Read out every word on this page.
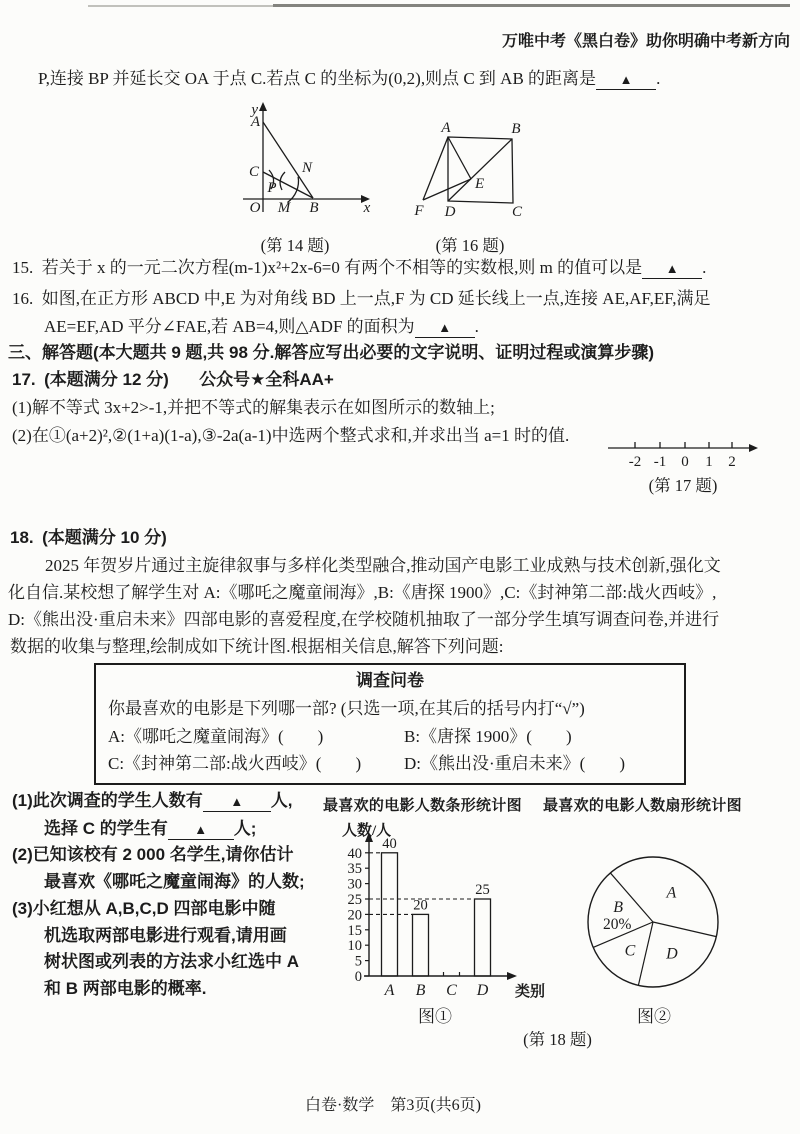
万唯中考《黑白卷》助你明确中考新方向
P,连接 BP 并延长交 OA 于点 C.若点 C 的坐标为(0,2),则点 C 到 AB 的距离是 ▲ .
y
x
A
C
P
N
O M B
(第 14 题)
A	B
C
D
E
F
(第 16 题)
15. 若关于 x 的一元二次方程(m-1)x²+2x-6=0 有两个不相等的实数根,则 m 的值可以是 ▲ .
16. 如图,在正方形 ABCD 中,E 为对角线 BD 上一点,F 为 CD 延长线上一点,连接 AE,AF,EF,满足
AE=EF,AD 平分∠FAE,若 AB=4,则△ADF 的面积为 ▲ .
三、解答题(本大题共 9 题,共 98 分.解答应写出必要的文字说明、证明过程或演算步骤)
17. (本题满分 12 分) 公众号★全科AA+
(1)解不等式 3x+2>-1,并把不等式的解集表示在如图所示的数轴上;
(2)在①(a+2)²,②(1+a)(1-a),③-2a(a-1)中选两个整式求和,并求出当 a=1 时的值.
-2 -1 0 1 2
(第 17 题)
18. (本题满分 10 分)
2025 年贺岁片通过主旋律叙事与多样化类型融合,推动国产电影工业成熟与技术创新,强化文
化自信.某校想了解学生对 A:《哪吒之魔童闹海》,B:《唐探 1900》,C:《封神第二部:战火西岐》,
D:《熊出没·重启未来》四部电影的喜爱程度,在学校随机抽取了一部分学生填写调查问卷,并进行
数据的收集与整理,绘制成如下统计图.根据相关信息,解答下列问题:
调查问卷
你最喜欢的电影是下列哪一部? (只选一项,在其后的括号内打“√”)
A:《哪吒之魔童闹海》(　　)	B:《唐探 1900》(　　)
C:《封神第二部:战火西岐》(　　)	D:《熊出没·重启未来》(　　)
(1)此次调查的学生人数有 ▲ 人,
选择 C 的学生有 ▲ 人;
(2)已知该校有 2 000 名学生,请你估计
最喜欢《哪吒之魔童闹海》的人数;
(3)小红想从 A,B,C,D 四部电影中随
机选取两部电影进行观看,请用画
树状图或列表的方法求小红选中 A
和 B 两部电影的概率.
最喜欢的电影人数条形统计图 最喜欢的电影人数扇形统计图
人数/人
类别
0
5
10
15
20
25
30
35
40
A
40
B
20
C D
25
图①
A
B
20%
C D
图②
(第 18 题)
白卷·数学　第3页(共6页)
